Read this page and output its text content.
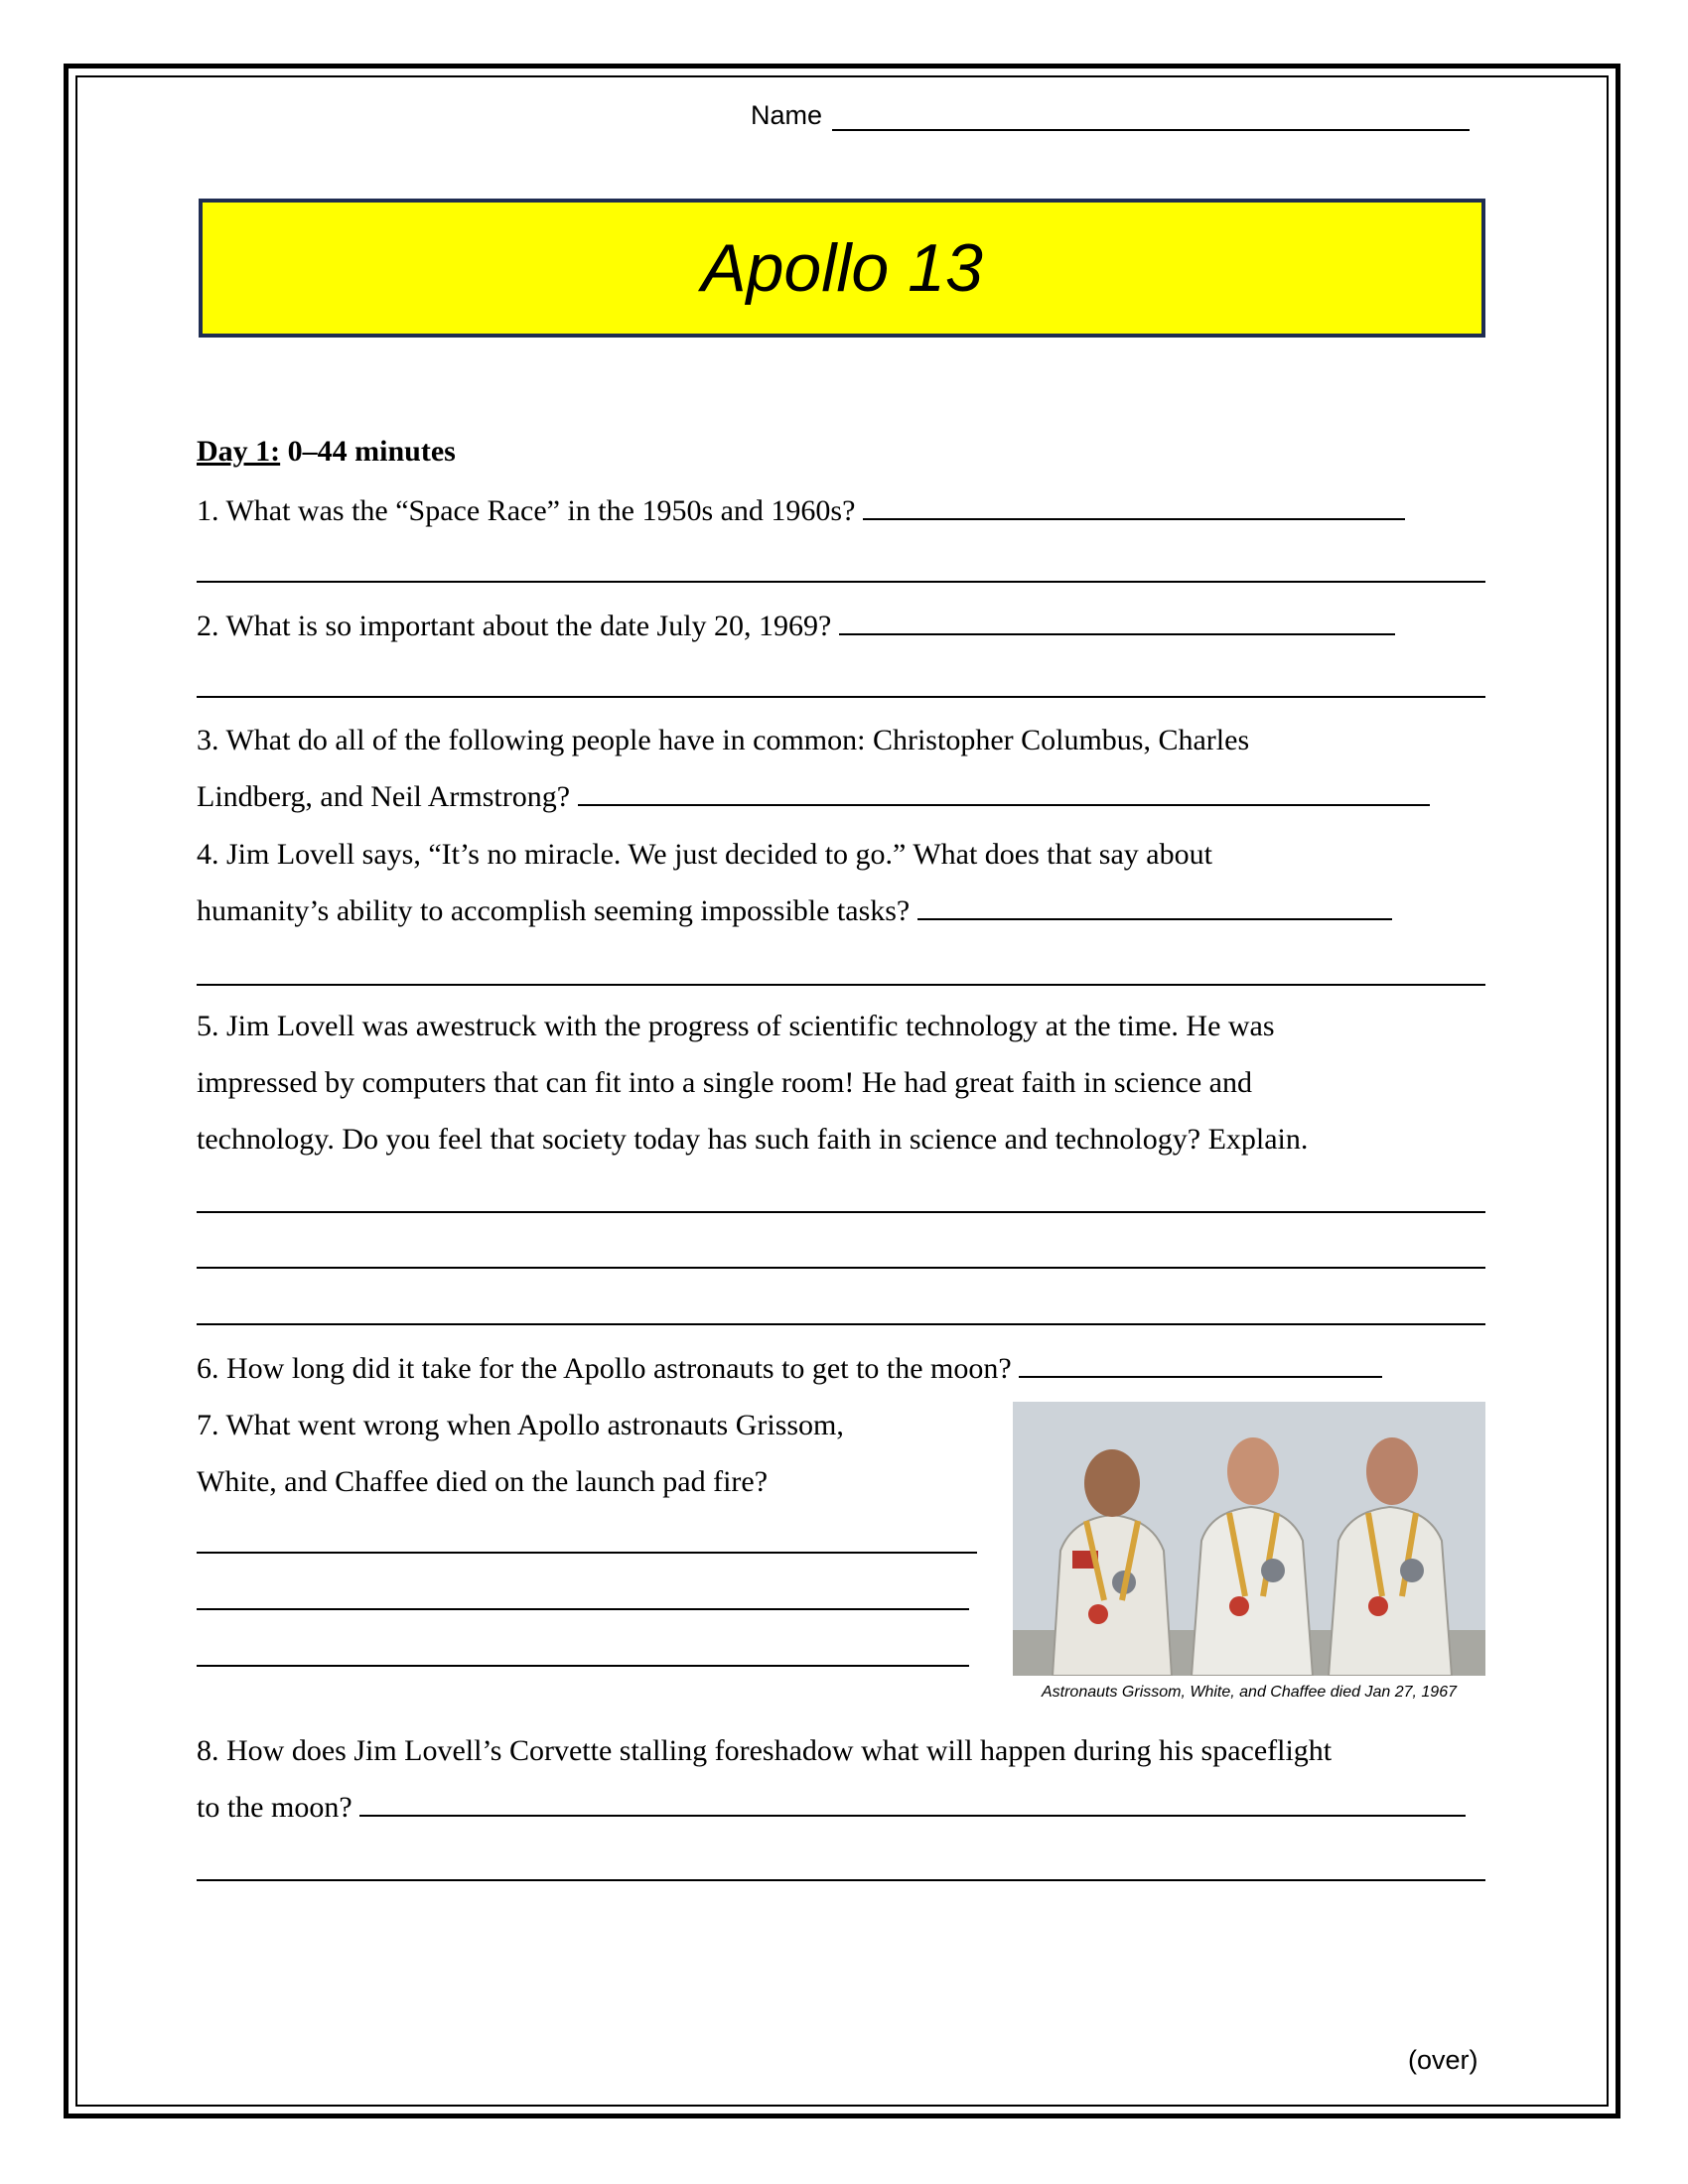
Name
Apollo 13
Day 1: 0–44 minutes
1. What was the “Space Race” in the 1950s and 1960s?
2. What is so important about the date July 20, 1969?
3. What do all of the following people have in common: Christopher Columbus, Charles
Lindberg, and Neil Armstrong?
4. Jim Lovell says, “It’s no miracle. We just decided to go.” What does that say about
humanity’s ability to accomplish seeming impossible tasks?
5. Jim Lovell was awestruck with the progress of scientific technology at the time. He was
impressed by computers that can fit into a single room! He had great faith in science and
technology. Do you feel that society today has such faith in science and technology? Explain.
6. How long did it take for the Apollo astronauts to get to the moon?
7. What went wrong when Apollo astronauts Grissom,
White, and Chaffee died on the launch pad fire?
Astronauts Grissom, White, and Chaffee died Jan 27, 1967
8. How does Jim Lovell’s Corvette stalling foreshadow what will happen during his spaceflight
to the moon?
(over)
